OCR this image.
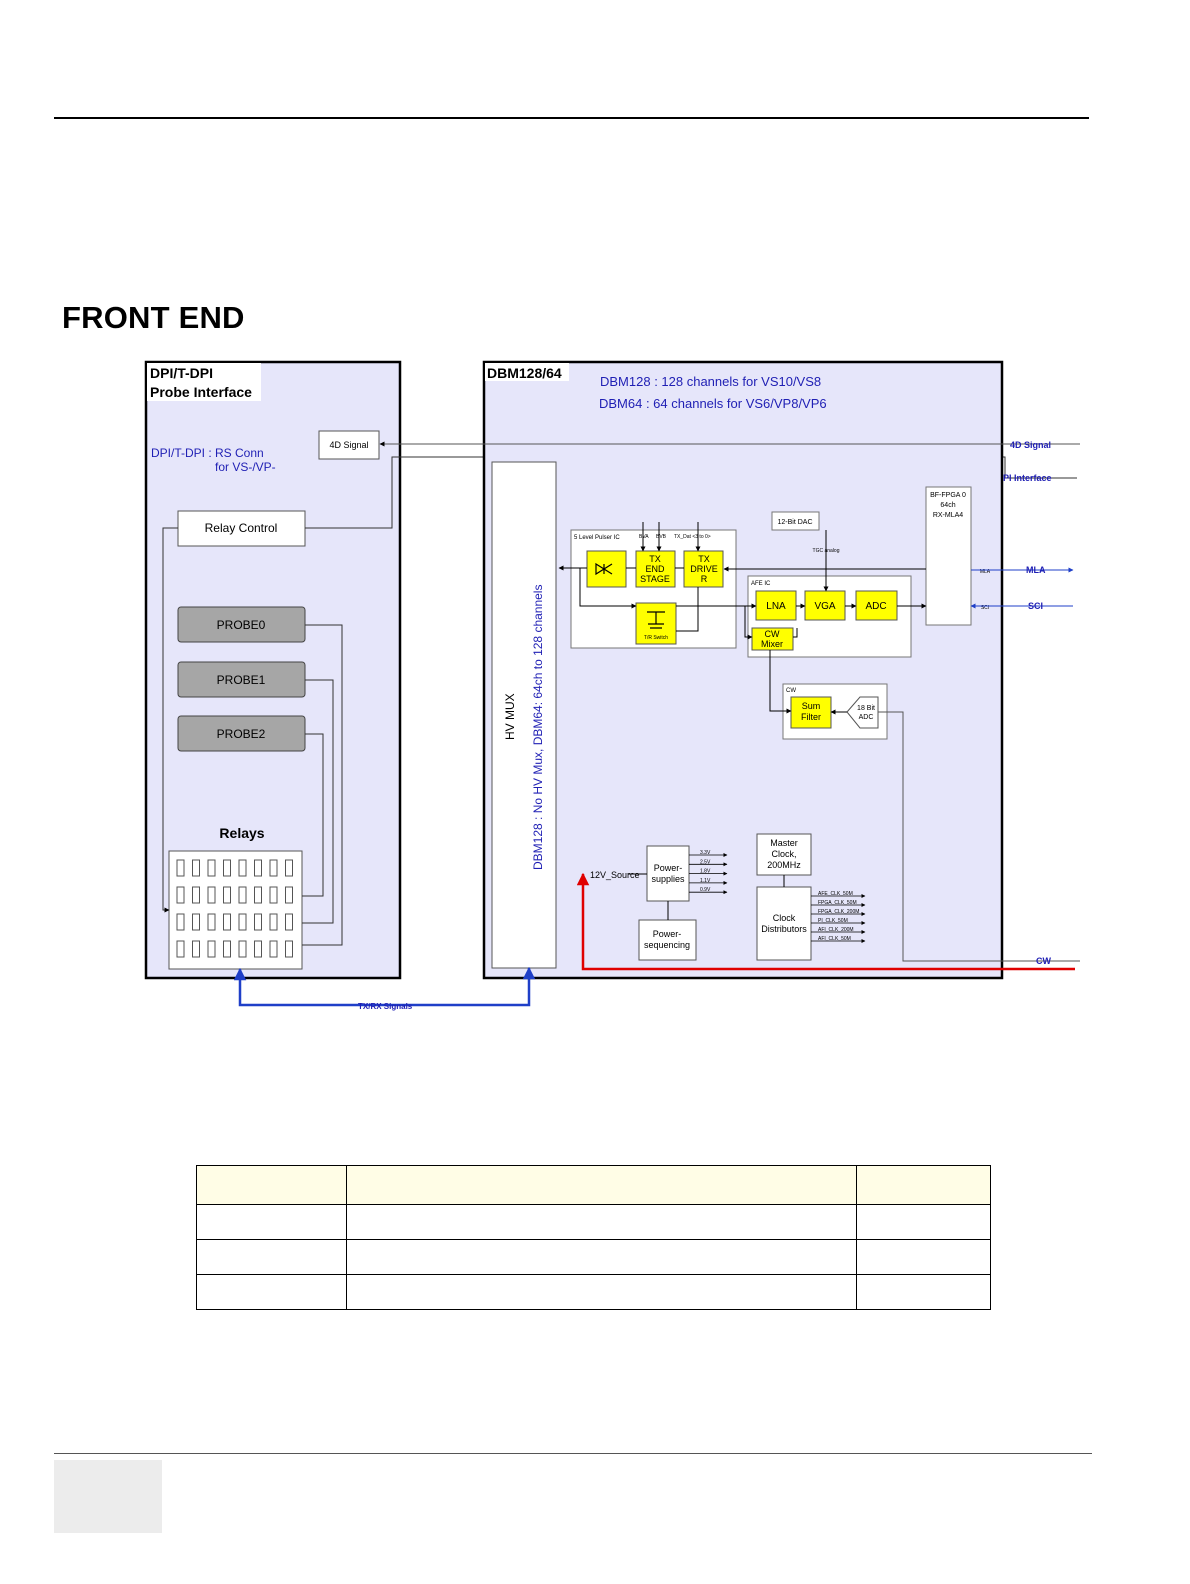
FRONT END
DPI/T-DPI
Probe Interface
DPI/T-DPI : RS Conn
for VS-/VP-
4D Signal
Relay Control
PROBE0
PROBE1
PROBE2
Relays
DBM128/64
DBM128 : 128 channels for VS10/VS8
DBM64 : 64 channels for VS6/VP8/VP6
HV MUX DBM128 : No HV Mux, DBM64: 64ch to 128 channels
5 Level Pulser IC
TX
END
STAGE
TX
DRIVE
R
T/R Switch
BVA BVB TX_Dat <3 to 0>
12-Bit DAC
TGC analog
AFE IC
LNA	VGA	ADC
CW
Mixer
CW
Sum
Filter
18 Bit
ADC
BF-FPGA 0
64ch
RX-MLA4
MLA
SCI
Power-
supplies
12V_Source
3.3V
2.5V
1.8V
1.1V
0.9V
Power-
sequencing
Master
Clock,
200MHz
Clock
Distributors
AFE_CLK_50M
FPGA_CLK_50M
FPGA_CLK_200M
PI_CLK_50M
AFI_CLK_200M
AFI_CLK_50M
4D Signal
PI Interface
MLA
SCI
CW
TX/RX Signals
